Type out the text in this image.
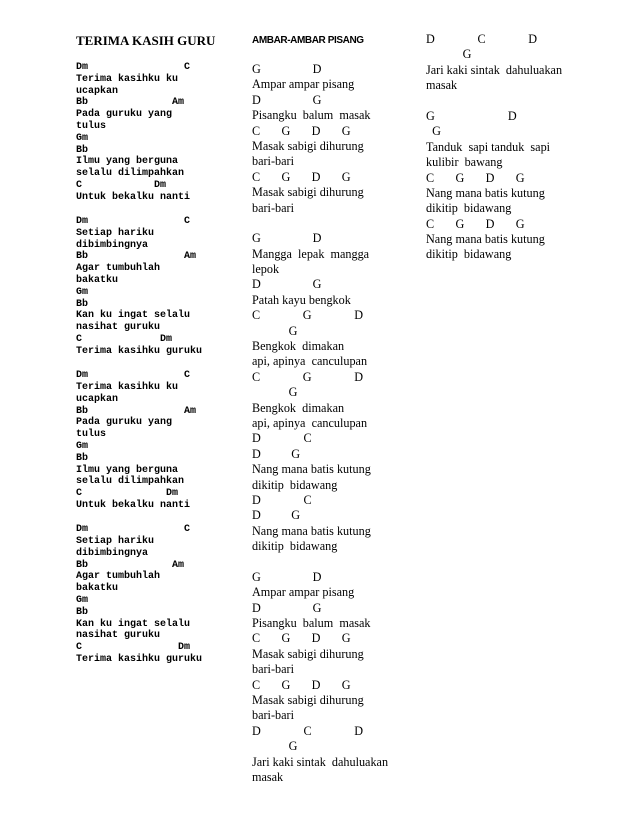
TERIMA KASIH GURU	AMBAR-AMBAR PISANG
Dm                C
Terima kasihku ku
ucapkan
Bb              Am
Pada guruku yang
tulus
Gm
Bb
Ilmu yang berguna
selalu dilimpahkan
C            Dm
Untuk bekalku nanti
Dm                C
Setiap hariku
dibimbingnya
Bb                Am
Agar tumbuhlah
bakatku
Gm
Bb
Kan ku ingat selalu
nasihat guruku
C             Dm
Terima kasihku guruku
Dm                C
Terima kasihku ku
ucapkan
Bb                Am
Pada guruku yang
tulus
Gm
Bb
Ilmu yang berguna
selalu dilimpahkan
C              Dm
Untuk bekalku nanti
Dm                C
Setiap hariku
dibimbingnya
Bb              Am
Agar tumbuhlah
bakatku
Gm
Bb
Kan ku ingat selalu
nasihat guruku
C                Dm
Terima kasihku guruku
G                 D
Ampar ampar pisang
D                 G
Pisangku  balum  masak
C       G       D       G
Masak sabigi dihurung
bari-bari
C       G       D       G
Masak sabigi dihurung
bari-bari
G                 D
Mangga  lepak  mangga
lepok
D                 G
Patah kayu bengkok
C              G              D
G
Bengkok  dimakan
api, apinya  canculupan
C              G              D
G
Bengkok  dimakan
api, apinya  canculupan
D              C
D          G
Nang mana batis kutung
dikitip  bidawang
D              C
D          G
Nang mana batis kutung
dikitip  bidawang
G                 D
Ampar ampar pisang
D                 G
Pisangku  balum  masak
C       G       D       G
Masak sabigi dihurung
bari-bari
C       G       D       G
Masak sabigi dihurung
bari-bari
D              C              D
G
Jari kaki sintak  dahuluakan
masak
D              C              D
G
Jari kaki sintak  dahuluakan
masak
G                        D
G
Tanduk  sapi tanduk  sapi
kulibir  bawang
C       G       D       G
Nang mana batis kutung
dikitip  bidawang
C       G       D       G
Nang mana batis kutung
dikitip  bidawang
